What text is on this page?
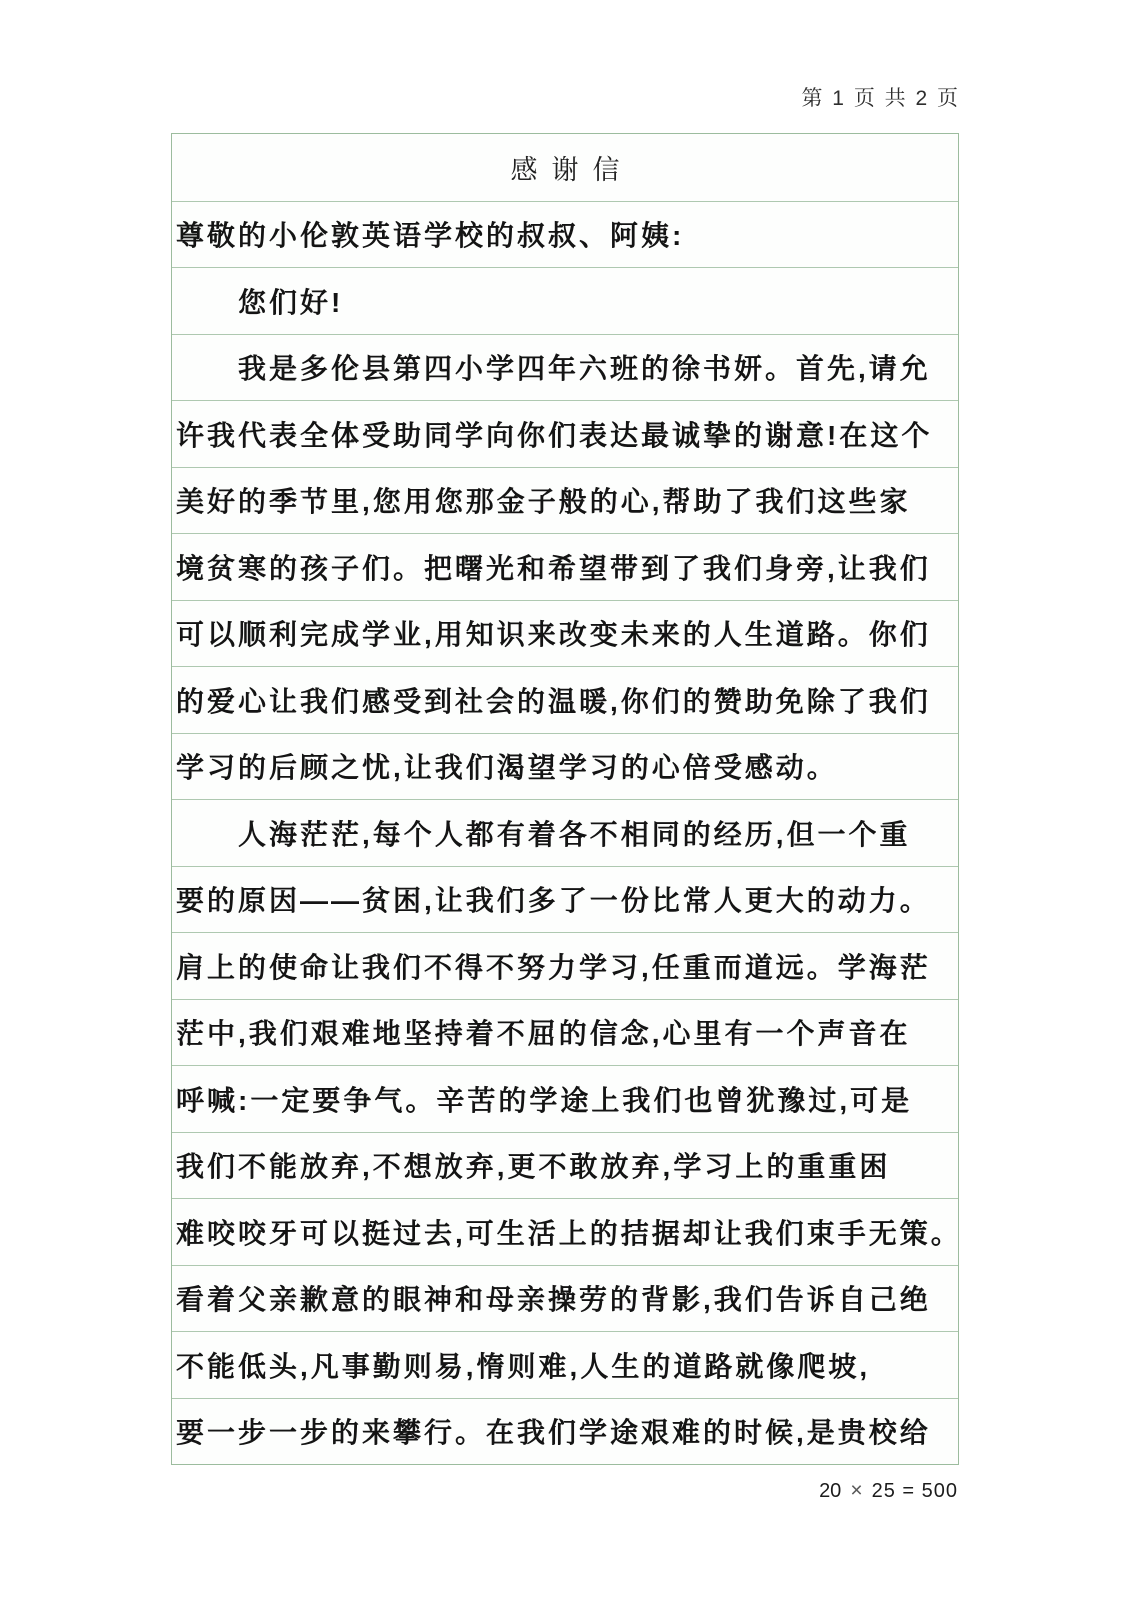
第 1 页 共 2 页
感谢信
尊敬的小伦敦英语学校的叔叔、阿姨:
您们好!
我是多伦县第四小学四年六班的徐书妍。首先,请允
许我代表全体受助同学向你们表达最诚挚的谢意!在这个
美好的季节里,您用您那金子般的心,帮助了我们这些家
境贫寒的孩子们。把曙光和希望带到了我们身旁,让我们
可以顺利完成学业,用知识来改变未来的人生道路。你们
的爱心让我们感受到社会的温暖,你们的赞助免除了我们
学习的后顾之忧,让我们渴望学习的心倍受感动。
人海茫茫,每个人都有着各不相同的经历,但一个重
要的原因——贫困,让我们多了一份比常人更大的动力。
肩上的使命让我们不得不努力学习,任重而道远。学海茫
茫中,我们艰难地坚持着不屈的信念,心里有一个声音在
呼喊:一定要争气。辛苦的学途上我们也曾犹豫过,可是
我们不能放弃,不想放弃,更不敢放弃,学习上的重重困
难咬咬牙可以挺过去,可生活上的拮据却让我们束手无策。
看着父亲歉意的眼神和母亲操劳的背影,我们告诉自己绝
不能低头,凡事勤则易,惰则难,人生的道路就像爬坡,
要一步一步的来攀行。在我们学途艰难的时候,是贵校给
20 × 25 = 500
